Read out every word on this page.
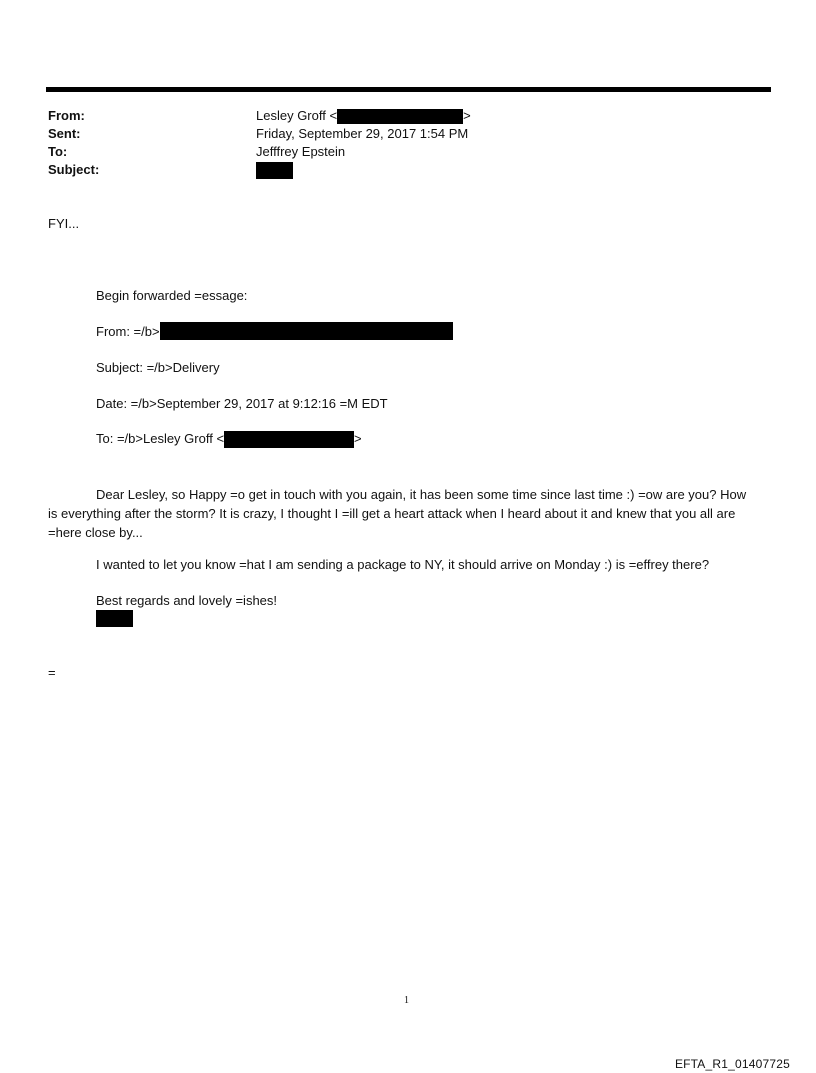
From:	Lesley Groff <	>
Sent:	Friday, September 29, 2017 1:54 PM
To:	Jefffrey Epstein
Subject:
FYI...
Begin forwarded =essage:
From: =/b>
Subject: =/b>Delivery
Date: =/b>September 29, 2017 at 9:12:16 =M EDT
To: =/b>Lesley Groff <	>
Dear Lesley, so Happy =o get in touch with you again, it has been some time since last time :) =ow are you? How
is everything after the storm? It is crazy, I thought I =ill get a heart attack when I heard about it and knew that you all are
=here close by...
I wanted to let you know =hat I am sending a package to NY, it should arrive on Monday :) is =effrey there?
Best regards and lovely =ishes!
=
1
EFTA_R1_01407725
